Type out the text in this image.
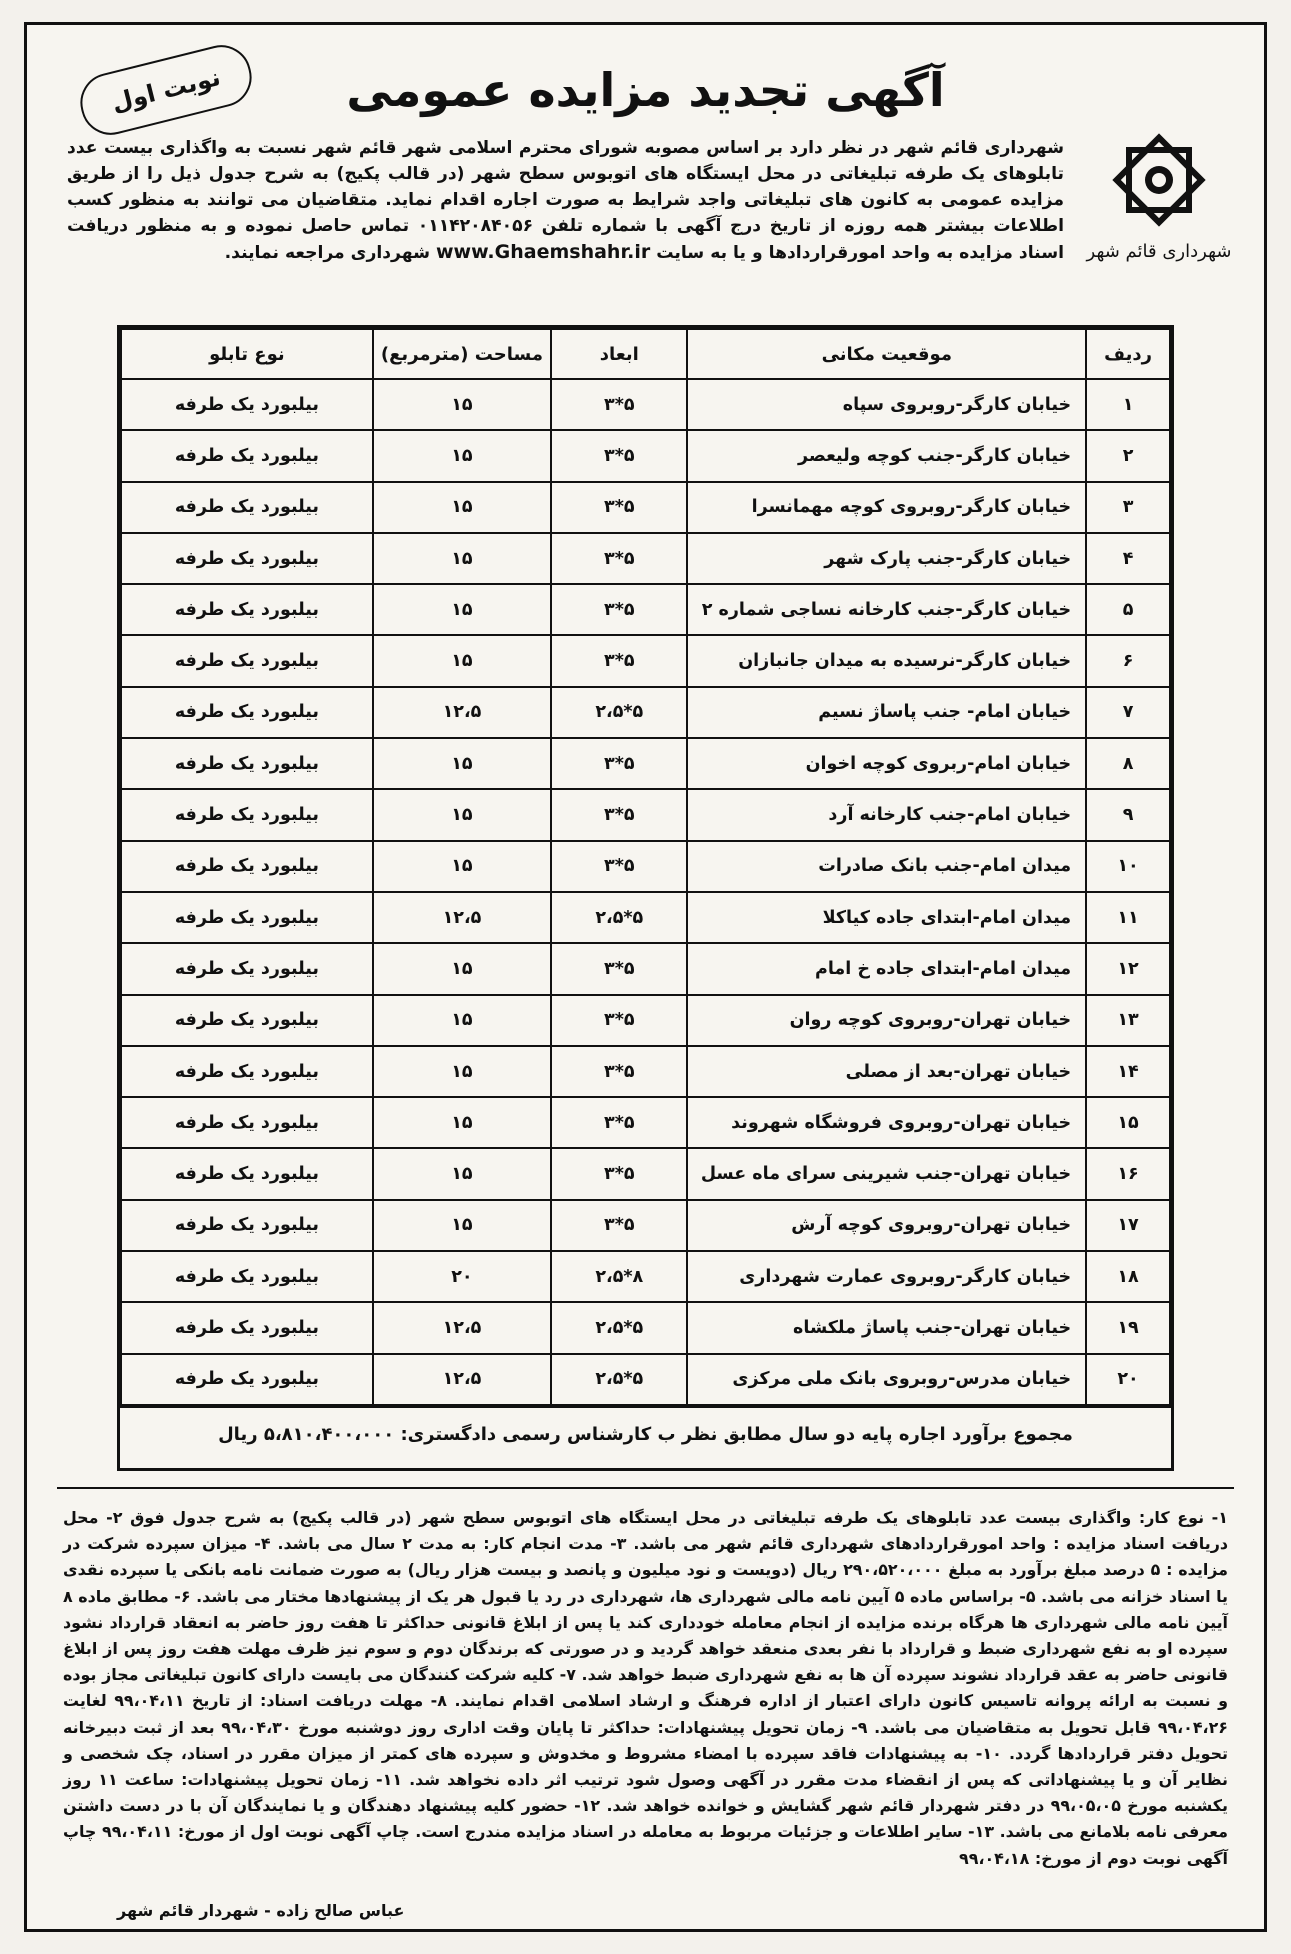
نوبت اول	آگهی تجدید مزایده عمومی
شهرداری قائم شهر
شهرداری قائم شهر در نظر دارد بر اساس مصوبه شورای محترم اسلامی شهر قائم شهر نسبت به واگذاری بیست عدد تابلوهای یک طرفه تبلیغاتی در محل ایستگاه های اتوبوس سطح شهر (در قالب پکیج) به شرح جدول ذیل را از طریق مزایده عمومی به کانون های تبلیغاتی واجد شرایط به صورت اجاره اقدام نماید. متقاضیان می توانند به منظور کسب اطلاعات بیشتر همه روزه از تاریخ درج آگهی با شماره تلفن ۰۱۱۴۲۰۸۴۰۵۶ تماس حاصل نموده و به منظور دریافت اسناد مزایده به واحد امورقراردادها و یا به سایت www.Ghaemshahr.ir شهرداری مراجعه نمایند.
ردیف	موقعیت مکانی	ابعاد	مساحت (مترمربع)	نوع تابلو
۱	خیابان کارگر-روبروی سپاه	۵*۳	۱۵	بیلبورد یک طرفه
۲	خیابان کارگر-جنب کوچه ولیعصر	۵*۳	۱۵	بیلبورد یک طرفه
۳	خیابان کارگر-روبروی کوچه مهمانسرا	۵*۳	۱۵	بیلبورد یک طرفه
۴	خیابان کارگر-جنب پارک شهر	۵*۳	۱۵	بیلبورد یک طرفه
۵	خیابان کارگر-جنب کارخانه نساجی شماره ۲	۵*۳	۱۵	بیلبورد یک طرفه
۶	خیابان کارگر-نرسیده به میدان جانبازان	۵*۳	۱۵	بیلبورد یک طرفه
۷	خیابان امام- جنب پاساژ نسیم	۵*۲،۵	۱۲،۵	بیلبورد یک طرفه
۸	خیابان امام-ربروی کوچه اخوان	۵*۳	۱۵	بیلبورد یک طرفه
۹	خیابان امام-جنب کارخانه آرد	۵*۳	۱۵	بیلبورد یک طرفه
۱۰	میدان امام-جنب بانک صادرات	۵*۳	۱۵	بیلبورد یک طرفه
۱۱	میدان امام-ابتدای جاده کیاکلا	۵*۲،۵	۱۲،۵	بیلبورد یک طرفه
۱۲	میدان امام-ابتدای جاده خ امام	۵*۳	۱۵	بیلبورد یک طرفه
۱۳	خیابان تهران-روبروی کوچه روان	۵*۳	۱۵	بیلبورد یک طرفه
۱۴	خیابان تهران-بعد از مصلی	۵*۳	۱۵	بیلبورد یک طرفه
۱۵	خیابان تهران-روبروی فروشگاه شهروند	۵*۳	۱۵	بیلبورد یک طرفه
۱۶	خیابان تهران-جنب شیرینی سرای ماه عسل	۵*۳	۱۵	بیلبورد یک طرفه
۱۷	خیابان تهران-روبروی کوچه آرش	۵*۳	۱۵	بیلبورد یک طرفه
۱۸	خیابان کارگر-روبروی عمارت شهرداری	۸*۲،۵	۲۰	بیلبورد یک طرفه
۱۹	خیابان تهران-جنب پاساژ ملکشاه	۵*۲،۵	۱۲،۵	بیلبورد یک طرفه
۲۰	خیابان مدرس-روبروی بانک ملی مرکزی	۵*۲،۵	۱۲،۵	بیلبورد یک طرفه
مجموع برآورد اجاره پایه دو سال مطابق نظر ب کارشناس رسمی دادگستری: ۵،۸۱۰،۴۰۰،۰۰۰ ریال
۱- نوع کار: واگذاری بیست عدد تابلوهای یک طرفه تبلیغاتی در محل ایستگاه های اتوبوس سطح شهر (در قالب پکیج) به شرح جدول فوق ۲- محل دریافت اسناد مزایده : واحد امورقراردادهای شهرداری قائم شهر می باشد. ۳- مدت انجام کار: به مدت ۲ سال می باشد. ۴- میزان سپرده شرکت در مزایده : ۵ درصد مبلغ برآورد به مبلغ ۲۹۰،۵۲۰،۰۰۰ ریال (دویست و نود میلیون و پانصد و بیست هزار ریال) به صورت ضمانت نامه بانکی یا سپرده نقدی یا اسناد خزانه می باشد. ۵- براساس ماده ۵ آیین نامه مالی شهرداری ها، شهرداری در رد یا قبول هر یک از پیشنهادها مختار می باشد. ۶- مطابق ماده ۸ آیین نامه مالی شهرداری ها هرگاه برنده مزایده از انجام معامله خودداری کند یا پس از ابلاغ قانونی حداکثر تا هفت روز حاضر به انعقاد قرارداد نشود سپرده او به نفع شهرداری ضبط و قرارداد با نفر بعدی منعقد خواهد گردید و در صورتی که برندگان دوم و سوم نیز ظرف مهلت هفت روز پس از ابلاغ قانونی حاضر به عقد قرارداد نشوند سپرده آن ها به نفع شهرداری ضبط خواهد شد. ۷- کلیه شرکت کنندگان می بایست دارای کانون تبلیغاتی مجاز بوده و نسبت به ارائه پروانه تاسیس کانون دارای اعتبار از اداره فرهنگ و ارشاد اسلامی اقدام نمایند. ۸- مهلت دریافت اسناد: از تاریخ ۹۹،۰۴،۱۱ لغایت ۹۹،۰۴،۲۶ قابل تحویل به متقاضیان می باشد. ۹- زمان تحویل پیشنهادات: حداکثر تا پایان وقت اداری روز دوشنبه مورخ ۹۹،۰۴،۳۰ بعد از ثبت دبیرخانه تحویل دفتر قراردادها گردد. ۱۰- به پیشنهادات فاقد سپرده با امضاء مشروط و مخدوش و سپرده های کمتر از میزان مقرر در اسناد، چک شخصی و نظایر آن و یا پیشنهاداتی که پس از انقضاء مدت مقرر در آگهی وصول شود ترتیب اثر داده نخواهد شد. ۱۱- زمان تحویل پیشنهادات: ساعت ۱۱ روز یکشنبه مورخ ۹۹،۰۵،۰۵ در دفتر شهردار قائم شهر گشایش و خوانده خواهد شد. ۱۲- حضور کلیه پیشنهاد دهندگان و یا نمایندگان آن با در دست داشتن معرفی نامه بلامانع می باشد. ۱۳- سایر اطلاعات و جزئیات مربوط به معامله در اسناد مزایده مندرج است. چاپ آگهی نوبت اول از مورخ: ۹۹،۰۴،۱۱ چاپ آگهی نوبت دوم از مورخ: ۹۹،۰۴،۱۸
عباس صالح زاده - شهردار قائم شهر
